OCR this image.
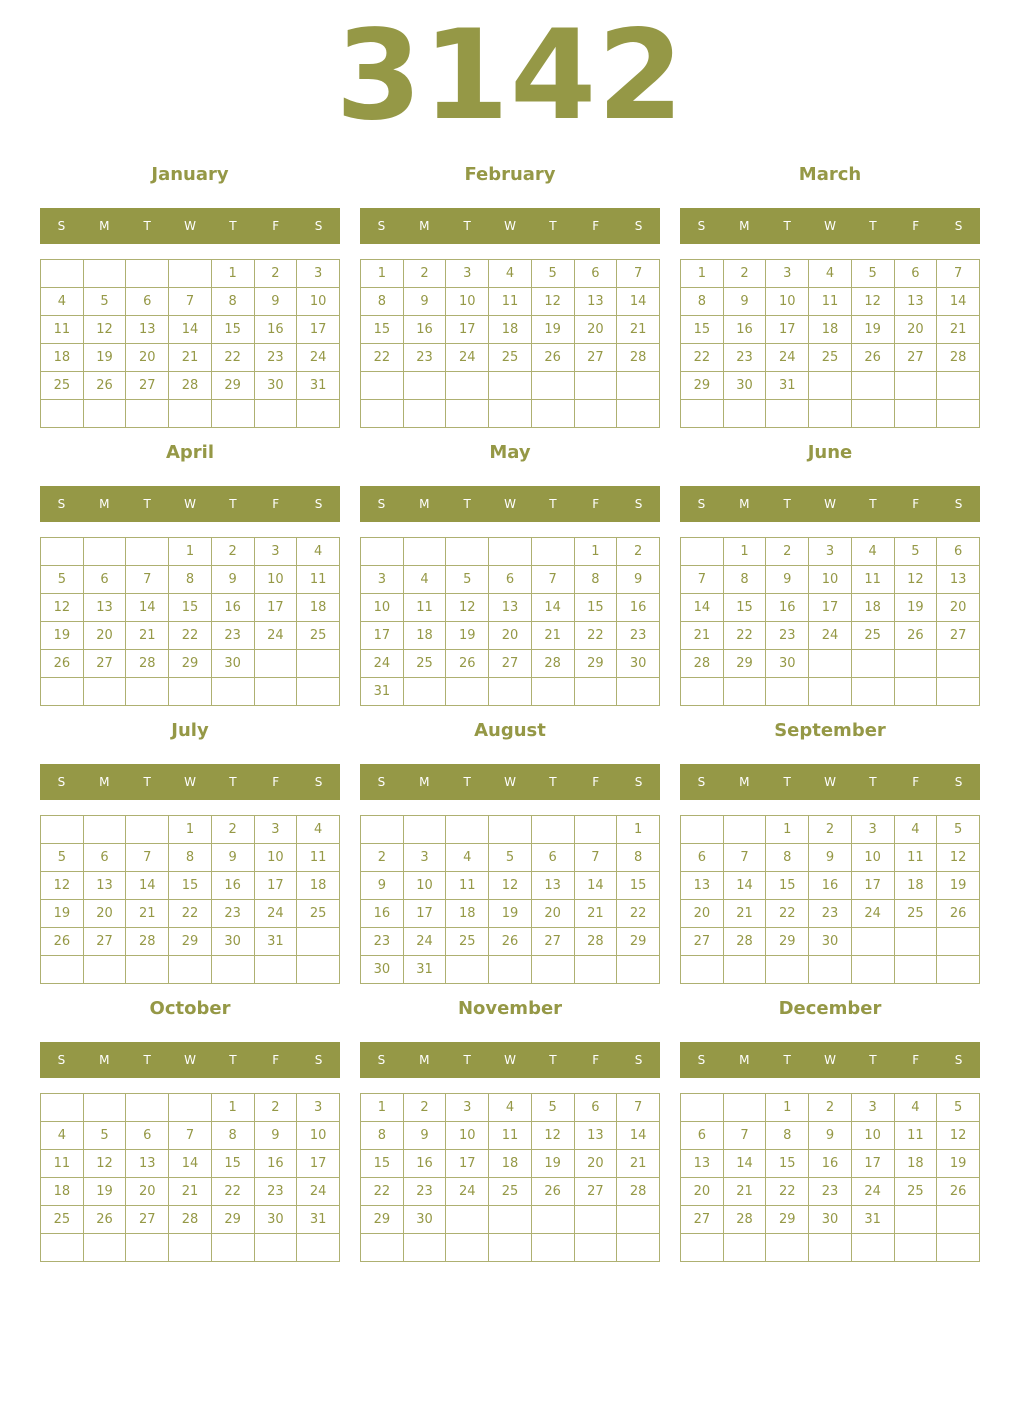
3142
January
S	M	T	W	T	F	S
				1	2	3
4	5	6	7	8	9	10
11	12	13	14	15	16	17
18	19	20	21	22	23	24
25	26	27	28	29	30	31

February
S	M	T	W	T	F	S
1	2	3	4	5	6	7
8	9	10	11	12	13	14
15	16	17	18	19	20	21
22	23	24	25	26	27	28

March
S	M	T	W	T	F	S
1	2	3	4	5	6	7
8	9	10	11	12	13	14
15	16	17	18	19	20	21
22	23	24	25	26	27	28
29	30	31				

April
S	M	T	W	T	F	S
			1	2	3	4
5	6	7	8	9	10	11
12	13	14	15	16	17	18
19	20	21	22	23	24	25
26	27	28	29	30		

May
S	M	T	W	T	F	S
					1	2
3	4	5	6	7	8	9
10	11	12	13	14	15	16
17	18	19	20	21	22	23
24	25	26	27	28	29	30
31						
June
S	M	T	W	T	F	S
	1	2	3	4	5	6
7	8	9	10	11	12	13
14	15	16	17	18	19	20
21	22	23	24	25	26	27
28	29	30				

July
S	M	T	W	T	F	S
			1	2	3	4
5	6	7	8	9	10	11
12	13	14	15	16	17	18
19	20	21	22	23	24	25
26	27	28	29	30	31	

August
S	M	T	W	T	F	S
						1
2	3	4	5	6	7	8
9	10	11	12	13	14	15
16	17	18	19	20	21	22
23	24	25	26	27	28	29
30	31					
September
S	M	T	W	T	F	S
		1	2	3	4	5
6	7	8	9	10	11	12
13	14	15	16	17	18	19
20	21	22	23	24	25	26
27	28	29	30			

October
S	M	T	W	T	F	S
				1	2	3
4	5	6	7	8	9	10
11	12	13	14	15	16	17
18	19	20	21	22	23	24
25	26	27	28	29	30	31

November
S	M	T	W	T	F	S
1	2	3	4	5	6	7
8	9	10	11	12	13	14
15	16	17	18	19	20	21
22	23	24	25	26	27	28
29	30					

December
S	M	T	W	T	F	S
		1	2	3	4	5
6	7	8	9	10	11	12
13	14	15	16	17	18	19
20	21	22	23	24	25	26
27	28	29	30	31		
